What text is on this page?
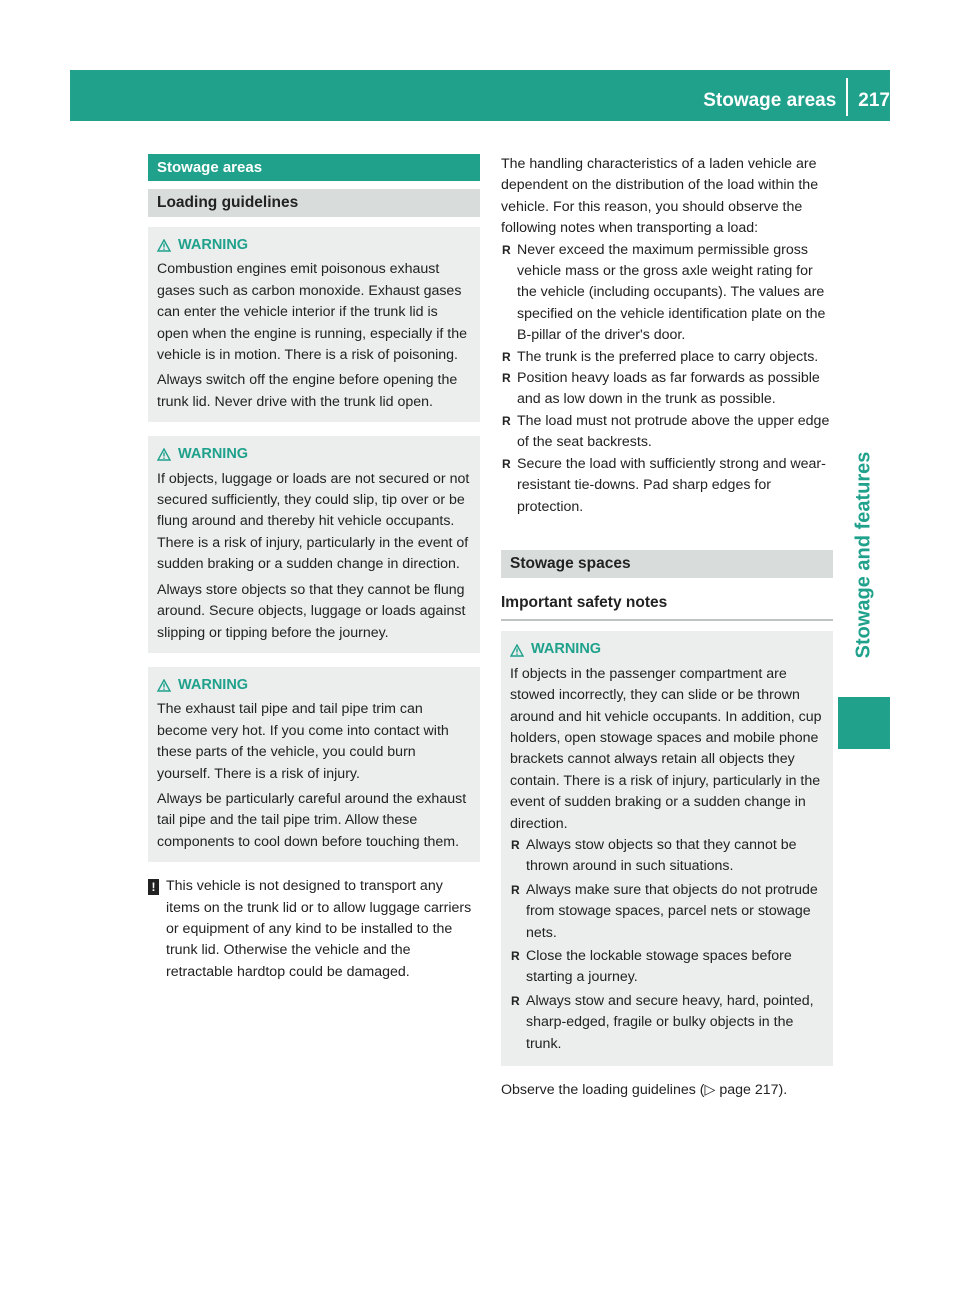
Stowage areas 217
Stowage and features
Stowage areas
Loading guidelines
WARNING

Combustion engines emit poisonous exhaust gases such as carbon monoxide. Exhaust gases can enter the vehicle interior if the trunk lid is open when the engine is running, especially if the vehicle is in motion. There is a risk of poisoning.

Always switch off the engine before opening the trunk lid. Never drive with the trunk lid open.

WARNING

If objects, luggage or loads are not secured or not secured sufficiently, they could slip, tip over or be flung around and thereby hit vehicle occupants. There is a risk of injury, particularly in the event of sudden braking or a sudden change in direction.

Always store objects so that they cannot be flung around. Secure objects, luggage or loads against slipping or tipping before the journey.

WARNING

The exhaust tail pipe and tail pipe trim can become very hot. If you come into contact with these parts of the vehicle, you could burn yourself. There is a risk of injury.

Always be particularly careful around the exhaust tail pipe and the tail pipe trim. Allow these components to cool down before touching them.

! This vehicle is not designed to transport any items on the trunk lid or to allow luggage carriers or equipment of any kind to be installed to the trunk lid. Otherwise the vehicle and the retractable hardtop could be damaged.

The handling characteristics of a laden vehicle are dependent on the distribution of the load within the vehicle. For this reason, you should observe the following notes when transporting a load:

R Never exceed the maximum permissible gross vehicle mass or the gross axle weight rating for the vehicle (including occupants). The values are specified on the vehicle identification plate on the B-pillar of the driver's door.
R The trunk is the preferred place to carry objects.
R Position heavy loads as far forwards as possible and as low down in the trunk as possible.
R The load must not protrude above the upper edge of the seat backrests.
R Secure the load with sufficiently strong and wear-resistant tie-downs. Pad sharp edges for protection.
Stowage spaces
Important safety notes
WARNING

If objects in the passenger compartment are stowed incorrectly, they can slide or be thrown around and hit vehicle occupants. In addition, cup holders, open stowage spaces and mobile phone brackets cannot always retain all objects they contain. There is a risk of injury, particularly in the event of sudden braking or a sudden change in direction.

R Always stow objects so that they cannot be thrown around in such situations.
R Always make sure that objects do not protrude from stowage spaces, parcel nets or stowage nets.
R Close the lockable stowage spaces before starting a journey.
R Always stow and secure heavy, hard, pointed, sharp-edged, fragile or bulky objects in the trunk.

Observe the loading guidelines (▷ page 217).
